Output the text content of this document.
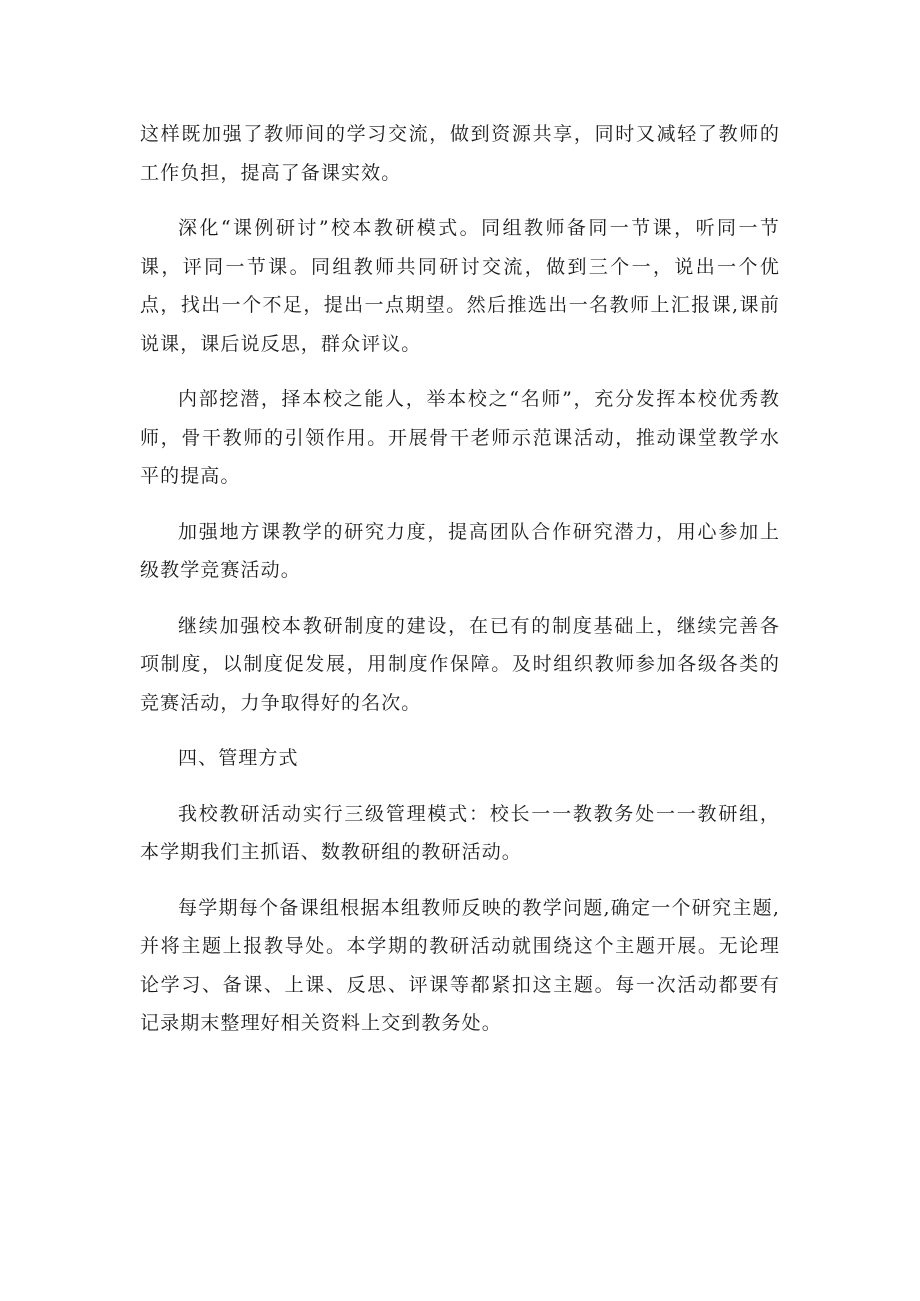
这样既加强了教师间的学习交流，做到资源共享，同时又减轻了教师的工作负担，提高了备课实效。

深化“课例研讨”校本教研模式。同组教师备同一节课，听同一节课，评同一节课。同组教师共同研讨交流，做到三个一，说出一个优点，找出一个不足，提出一点期望。然后推选出一名教师上汇报课,课前说课，课后说反思，群众评议。

内部挖潜，择本校之能人，举本校之“名师”，充分发挥本校优秀教师，骨干教师的引领作用。开展骨干老师示范课活动，推动课堂教学水平的提高。

加强地方课教学的研究力度，提高团队合作研究潜力，用心参加上级教学竞赛活动。

继续加强校本教研制度的建设，在已有的制度基础上，继续完善各项制度，以制度促发展，用制度作保障。及时组织教师参加各级各类的竞赛活动，力争取得好的名次。

四、管理方式

我校教研活动实行三级管理模式：校长一一教教务处一一教研组，本学期我们主抓语、数教研组的教研活动。

每学期每个备课组根据本组教师反映的教学问题,确定一个研究主题,并将主题上报教导处。本学期的教研活动就围绕这个主题开展。无论理论学习、备课、上课、反思、评课等都紧扣这主题。每一次活动都要有记录期末整理好相关资料上交到教务处。
